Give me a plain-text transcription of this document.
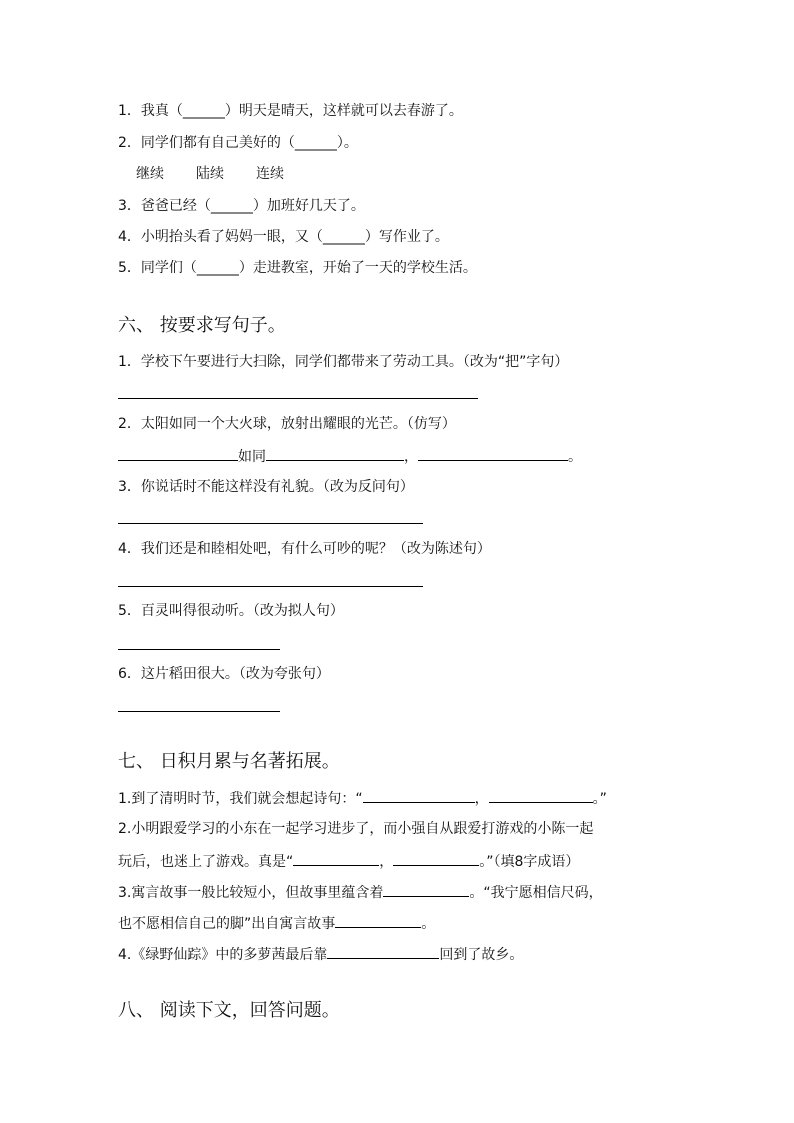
1．我真（______）明天是晴天，这样就可以去春游了。
2．同学们都有自己美好的（______）。
继续 陆续 连续
3．爸爸已经（______）加班好几天了。
4．小明抬头看了妈妈一眼，又（______）写作业了。
5．同学们（______）走进教室，开始了一天的学校生活。
六、 按要求写句子。
1．学校下午要进行大扫除，同学们都带来了劳动工具。（改为“把”字句）
2．太阳如同一个大火球，放射出耀眼的光芒。（仿写）
如同	，	。
3．你说话时不能这样没有礼貌。（改为反问句）
4．我们还是和睦相处吧，有什么可吵的呢？（改为陈述句）
5．百灵叫得很动听。（改为拟人句）
6．这片稻田很大。（改为夸张句）
七、 日积月累与名著拓展。
1.到了清明时节，我们就会想起诗句：“	，	。”
2.小明跟爱学习的小东在一起学习进步了，而小强自从跟爱打游戏的小陈一起
玩后，也迷上了游戏。真是“	，	。”（填8字成语）
3.寓言故事一般比较短小，但故事里蕴含着	。“我宁愿相信尺码，
也不愿相信自己的脚”出自寓言故事	。
4.《绿野仙踪》中的多萝茜最后靠	回到了故乡。
八、 阅读下文，回答问题。
